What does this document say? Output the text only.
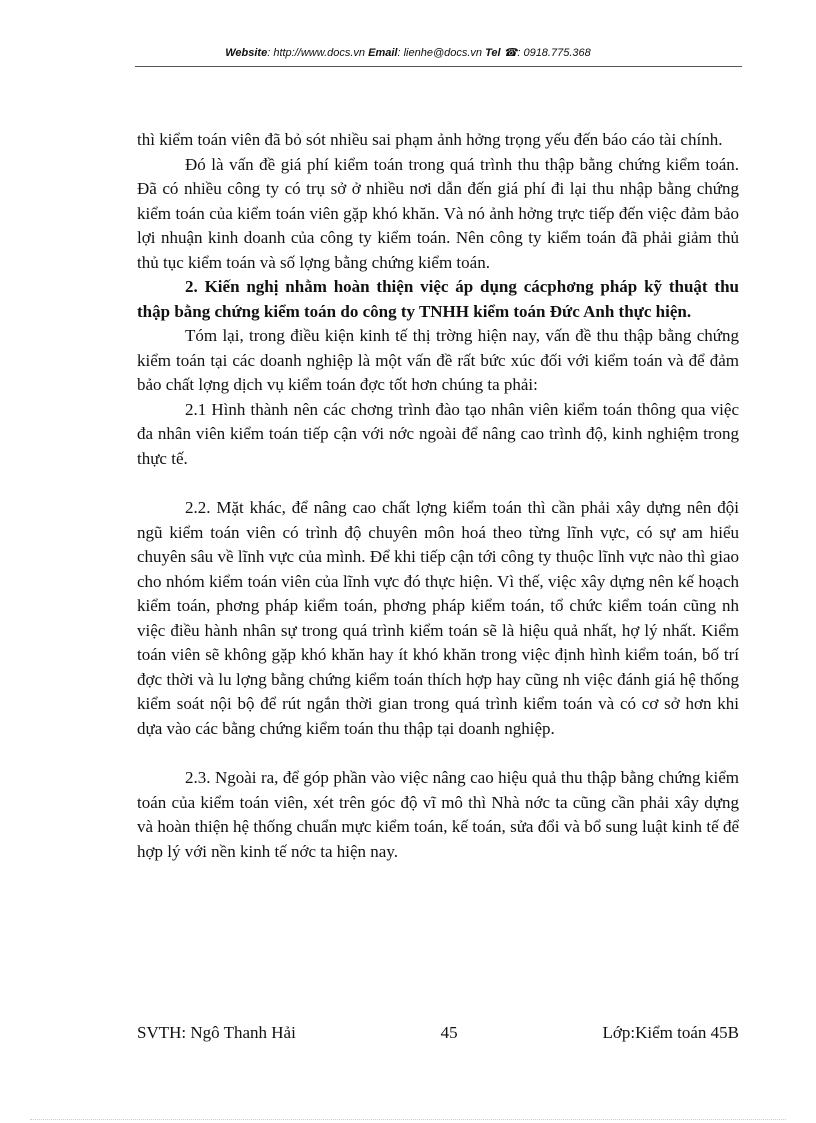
Website: http://www.docs.vn Email: lienhe@docs.vn Tel ☎: 0918.775.368

thì kiểm toán viên đã bỏ sót nhiều sai phạm ảnh hởng trọng yếu đến báo cáo tài chính.

Đó là vấn đề giá phí kiểm toán trong quá trình thu thập bằng chứng kiểm toán. Đã có nhiều công ty có trụ sở ở nhiều nơi dẫn đến giá phí đi lại thu nhập bằng chứng kiểm toán của kiểm toán viên gặp khó khăn. Và nó ảnh hởng trực tiếp đến việc đảm bảo lợi nhuận kinh doanh của công ty kiểm toán. Nên công ty kiểm toán đã phải giảm thủ thủ tục kiểm toán và số lợng bằng chứng kiểm toán.

2. Kiến nghị nhằm hoàn thiện việc áp dụng cácphơng pháp kỹ thuật thu thập bằng chứng kiểm toán do công ty TNHH kiểm toán Đức Anh thực hiện.

Tóm lại, trong điều kiện kinh tế thị trờng hiện nay, vấn đề thu thập bằng chứng kiểm toán tại các doanh nghiệp là một vấn đề rất bức xúc đối với kiểm toán và để đảm bảo chất lợng dịch vụ kiểm toán đợc tốt hơn chúng ta phải:

2.1 Hình thành nên các chơng trình đào tạo nhân viên kiểm toán thông qua việc đa nhân viên kiểm toán tiếp cận với nớc ngoài để nâng cao trình độ, kinh nghiệm trong thực tế.

2.2. Mặt khác, để nâng cao chất lợng kiểm toán thì cần phải xây dựng nên đội ngũ kiểm toán viên có trình độ chuyên môn hoá theo từng lĩnh vực, có sự am hiểu chuyên sâu về lĩnh vực của mình. Để khi tiếp cận tới công ty thuộc lĩnh vực nào thì giao cho nhóm kiểm toán viên của lĩnh vực đó thực hiện. Vì thế, việc xây dựng nên kế hoạch kiểm toán, phơng pháp kiểm toán, phơng pháp kiểm toán, tổ chức kiểm toán cũng nh việc điều hành nhân sự trong quá trình kiểm toán sẽ là hiệu quả nhất, hợ lý nhất. Kiểm toán viên sẽ không gặp khó khăn hay ít khó khăn trong việc định hình kiểm toán, bố trí đợc thời và lu lợng bằng chứng kiểm toán thích hợp hay cũng nh việc đánh giá hệ thống kiểm soát nội bộ để rút ngắn thời gian trong quá trình kiểm toán và có cơ sở hơn khi dựa vào các bằng chứng kiểm toán thu thập tại doanh nghiệp.

2.3. Ngoài ra, để góp phần vào việc nâng cao hiệu quả thu thập bằng chứng kiểm toán của kiểm toán viên, xét trên góc độ vĩ mô thì Nhà nớc ta cũng cần phải xây dựng và hoàn thiện hệ thống chuẩn mực kiểm toán, kế toán, sửa đổi và bổ sung luật kinh tế để hợp lý với nền kinh tế nớc ta hiện nay.

SVTH: Ngô Thanh Hải	45	Lớp:Kiểm toán 45B
